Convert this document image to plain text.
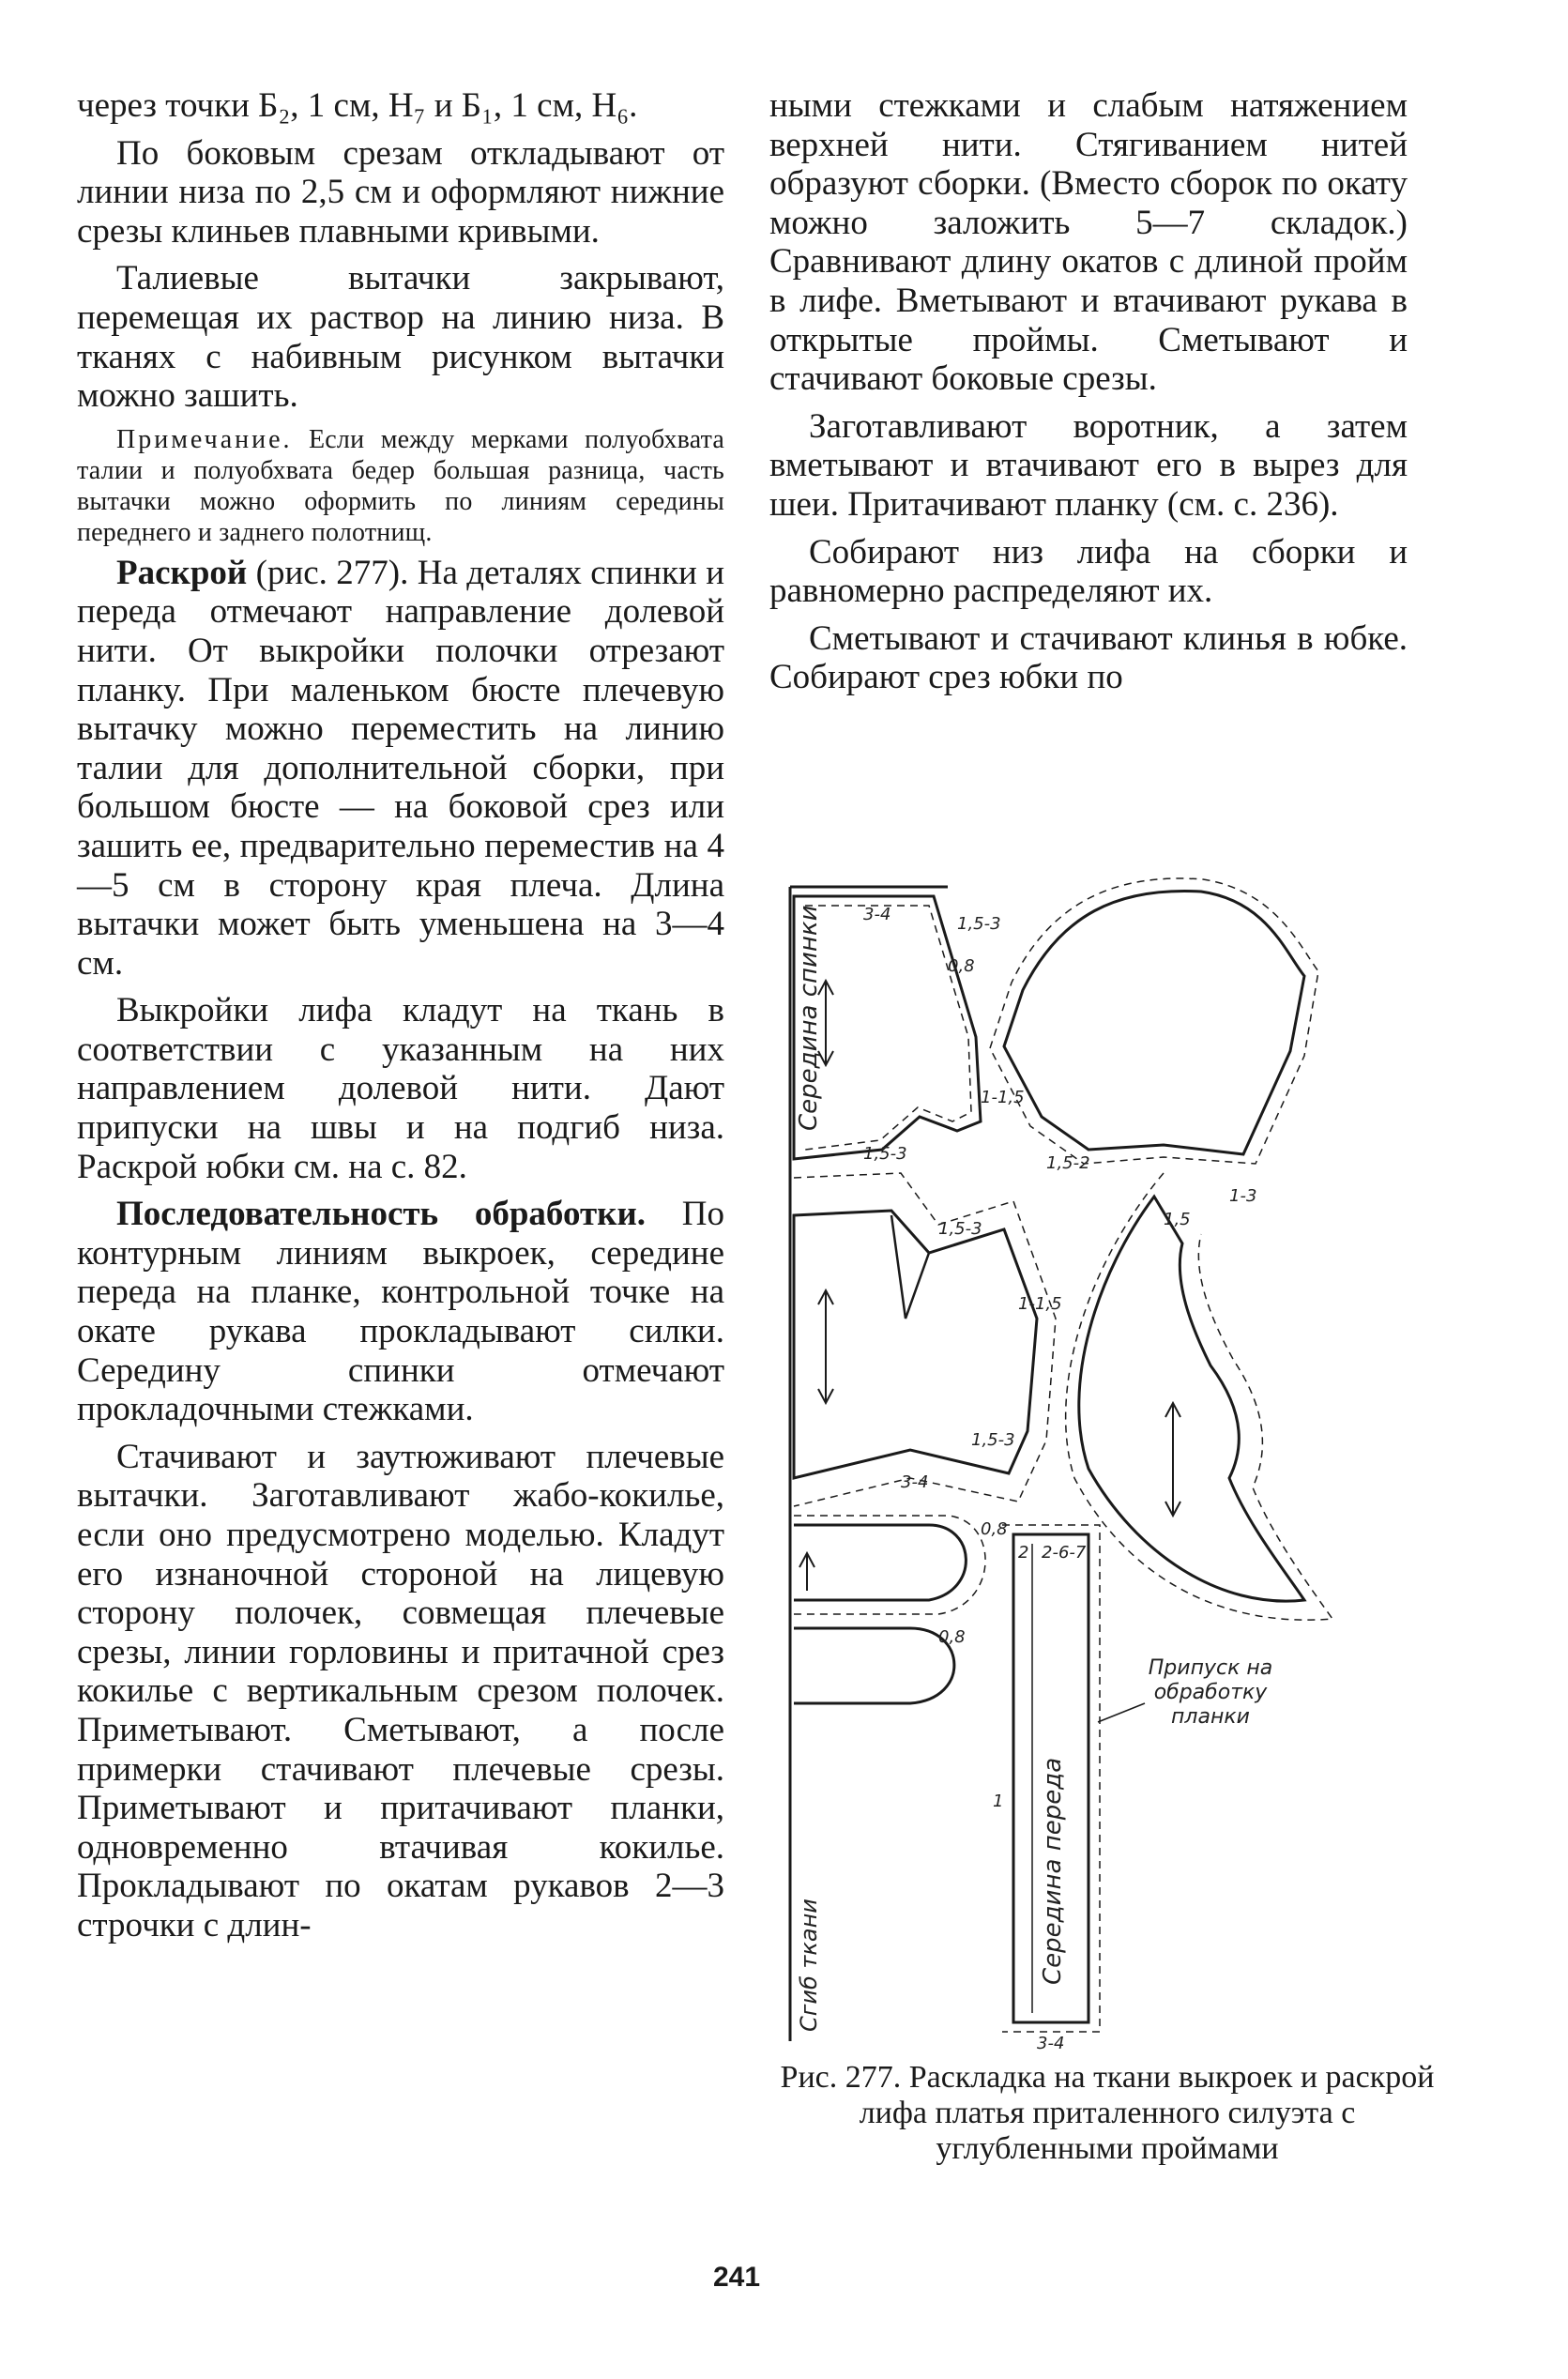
через точки Б₂, 1 см, Н₇ и Б₁, 1 см, Н₆.

По боковым срезам откладывают от линии низа по 2,5 см и оформляют нижние срезы клиньев плавными кривыми.

Талиевые вытачки закрывают, перемещая их раствор на линию низа. В тканях с набивным рисунком вытачки можно зашить.

Примечание. Если между мерками полуобхвата талии и полуобхвата бедер большая разница, часть вытачки можно оформить по линиям середины переднего и заднего полотнищ.

Раскрой (рис. 277). На деталях спинки и переда отмечают направление долевой нити. От выкройки полочки отрезают планку. При маленьком бюсте плечевую вытачку можно переместить на линию талии для дополнительной сборки, при большом бюсте — на боковой срез или зашить ее, предварительно переместив на 4—5 см в сторону края плеча. Длина вытачки может быть уменьшена на 3—4 см.

Выкройки лифа кладут на ткань в соответствии с указанным на них направлением долевой нити. Дают припуски на швы и на подгиб низа. Раскрой юбки см. на с. 82.

Последовательность обработки. По контурным линиям выкроек, середине переда на планке, контрольной точке на окате рукава прокладывают силки. Середину спинки отмечают прокладочными стежками.

Стачивают и заутюживают плечевые вытачки. Заготавливают жабо-кокилье, если оно предусмотрено моделью. Кладут его изнаночной стороной на лицевую сторону полочек, совмещая плечевые срезы, линии горловины и притачной срез кокилье с вертикальным срезом полочек. Приметывают. Сметывают, а после примерки стачивают плечевые срезы. Приметывают и притачивают планки, одновременно втачивая кокилье. Прокладывают по окатам рукавов 2—3 строчки с длин-

ными стежками и слабым натяжением верхней нити. Стягиванием нитей образуют сборки. (Вместо сборок по окату можно заложить 5—7 складок.) Сравнивают длину окатов с длиной пройм в лифе. Вметывают и втачивают рукава в открытые проймы. Сметывают и стачивают боковые срезы.

Заготавливают воротник, а затем вметывают и втачивают его в вырез для шеи. Притачивают планку (см. с. 236).

Собирают низ лифа на сборки и равномерно распределяют их.

Сметывают и стачивают клинья в юбке. Собирают срез юбки по

Середина спинки
Середина переда
Сгиб ткани
3-4	1,5-3
0,8
1-1,5
1,5-3	1,5-2
1,5-3
1-3
1,5
1-1,5
1,5-3
3-4
0,8
0,8
2 2-6-7
1
3-4
Припуск на обработку планки
Рис. 277. Раскладка на ткани выкроек и раскрой лифа платья приталенного силуэта с углубленными проймами
241
